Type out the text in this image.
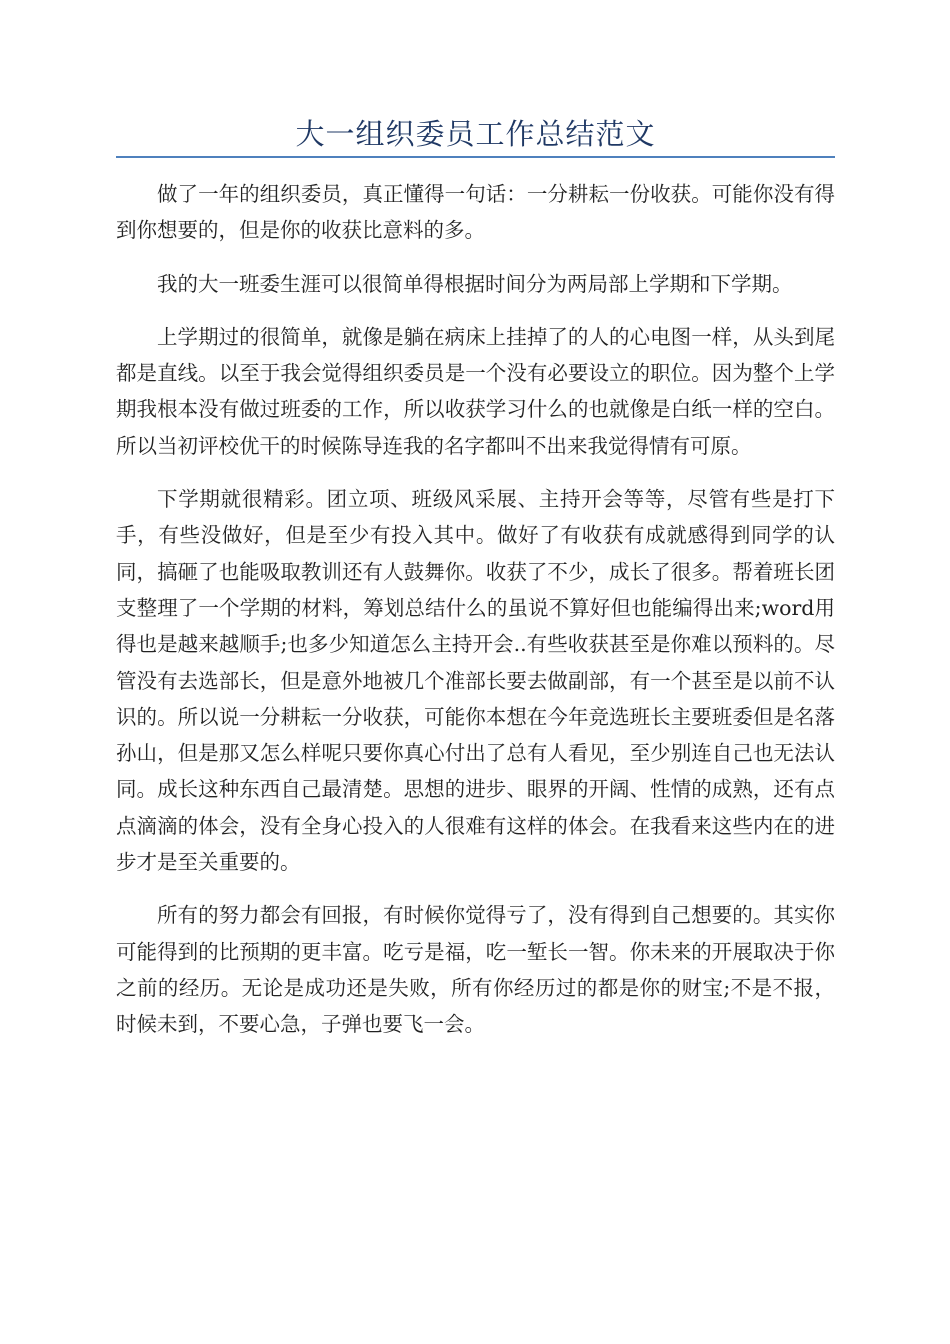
大一组织委员工作总结范文

做了一年的组织委员，真正懂得一句话：一分耕耘一份收获。可能你没有得到你想要的，但是你的收获比意料的多。

我的大一班委生涯可以很简单得根据时间分为两局部上学期和下学期。

上学期过的很简单，就像是躺在病床上挂掉了的人的心电图一样，从头到尾都是直线。以至于我会觉得组织委员是一个没有必要设立的职位。因为整个上学期我根本没有做过班委的工作，所以收获学习什么的也就像是白纸一样的空白。所以当初评校优干的时候陈导连我的名字都叫不出来我觉得情有可原。

下学期就很精彩。团立项、班级风采展、主持开会等等，尽管有些是打下手，有些没做好，但是至少有投入其中。做好了有收获有成就感得到同学的认同，搞砸了也能吸取教训还有人鼓舞你。收获了不少，成长了很多。帮着班长团支整理了一个学期的材料，筹划总结什么的虽说不算好但也能编得出来;word用得也是越来越顺手;也多少知道怎么主持开会..有些收获甚至是你难以预料的。尽管没有去选部长，但是意外地被几个准部长要去做副部，有一个甚至是以前不认识的。所以说一分耕耘一分收获，可能你本想在今年竞选班长主要班委但是名落孙山，但是那又怎么样呢只要你真心付出了总有人看见，至少别连自己也无法认同。成长这种东西自己最清楚。思想的进步、眼界的开阔、性情的成熟，还有点点滴滴的体会，没有全身心投入的人很难有这样的体会。在我看来这些内在的进步才是至关重要的。

所有的努力都会有回报，有时候你觉得亏了，没有得到自己想要的。其实你可能得到的比预期的更丰富。吃亏是福，吃一堑长一智。你未来的开展取决于你之前的经历。无论是成功还是失败，所有你经历过的都是你的财宝;不是不报，时候未到，不要心急，子弹也要飞一会。
